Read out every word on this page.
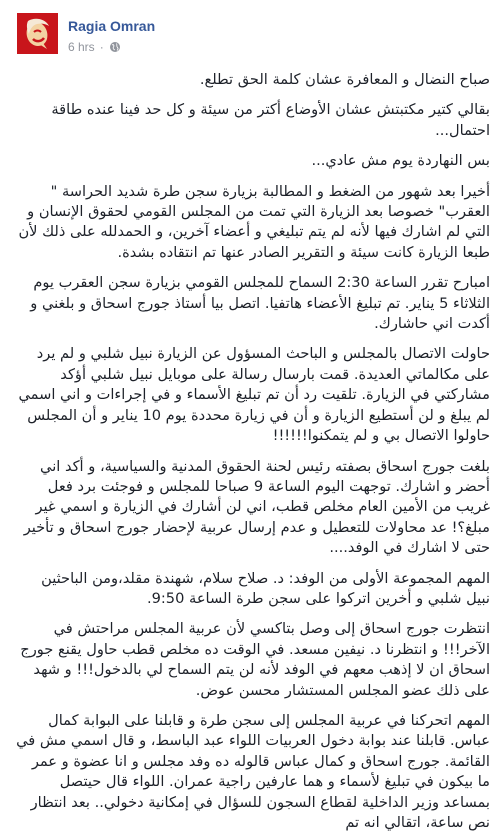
Ragia Omran
6 hrs ·

صباح النضال و المعافرة عشان كلمة الحق تطلع.

بقالي كتير مكتبتش عشان الأوضاع أكتر من سيئة و كل حد فينا عنده طاقة احتمال...

بس النهاردة يوم مش عادي...

أخيرا بعد شهور من الضغط و المطالبة بزيارة سجن طرة شديد الحراسة " العقرب" خصوصا بعد الزيارة التي تمت من المجلس القومي لحقوق الإنسان و التي لم اشارك فيها لأنه لم يتم تبليغي و أعضاء آخرين، و الحمدلله على ذلك لأن طبعا الزيارة كانت سيئة و التقرير الصادر عنها تم انتقاده بشدة.

امبارح تقرر الساعة 2:30 السماح للمجلس القومي بزيارة سجن العقرب يوم الثلاثاء 5 يناير. تم تبليغ الأعضاء هاتفيا. اتصل بيا أستاذ جورج اسحاق و بلغني و أكدت اني حاشارك.

حاولت الاتصال بالمجلس و الباحث المسؤول عن الزيارة نبيل شلبي و لم يرد على مكالماتي العديدة. قمت بارسال رسالة على موبايل نبيل شلبي أؤكد مشاركتي في الزيارة. تلقيت رد أن تم تبليغ الأسماء و في إجراءات و اني اسمي لم يبلغ و لن أستطيع الزيارة و أن في زيارة محددة يوم 10 يناير و أن المجلس حاولوا الاتصال بي و لم يتمكنوا!!!!!!

بلغت جورج اسحاق بصفته رئيس لحنة الحقوق المدنية والسياسية، و أكد اني أحضر و اشارك. توجهت اليوم الساعة 9 صباحا للمجلس و فوجئت برد فعل غريب من الأمين العام مخلص قطب، اني لن أشارك في الزيارة و اسمي غير مبلغ؟! عد محاولات للتعطيل و عدم إرسال عربية لإحضار جورج اسحاق و تأخير حتى لا اشارك في الوفد....

المهم المجموعة الأولى من الوفد: د. صلاح سلام، شهندة مقلد،ومن الباحثين نبيل شلبي و أخرين اتركوا على سجن طرة الساعة 9:50.

انتظرت جورج اسحاق إلى وصل بتاكسي لأن عربية المجلس مراحتش في الآخر!!! و انتظرنا د. نيفين مسعد. في الوقت ده مخلص قطب حاول يقنع جورج اسحاق ان لا إذهب معهم في الوفد لأنه لن يتم السماح لي بالدخول!!! و شهد على ذلك عضو المجلس المستشار محسن عوض.

المهم اتحركنا في عربية المجلس إلى سجن طرة و قابلنا على البوابة كمال عباس. قابلنا عند بوابة دخول العربيات اللواء عبد الباسط، و قال اسمي مش في القائمة. جورج اسحاق و كمال عباس قالوله ده وفد مجلس و انا عضوة و عمر ما بيكون في تبليغ لأسماء و هما عارفين راجية عمران. اللواء قال حيتصل بمساعد وزير الداخلية لقطاع السجون للسؤال في إمكانية دخولي.. بعد انتظار نص ساعة، اتقالي انه تم
